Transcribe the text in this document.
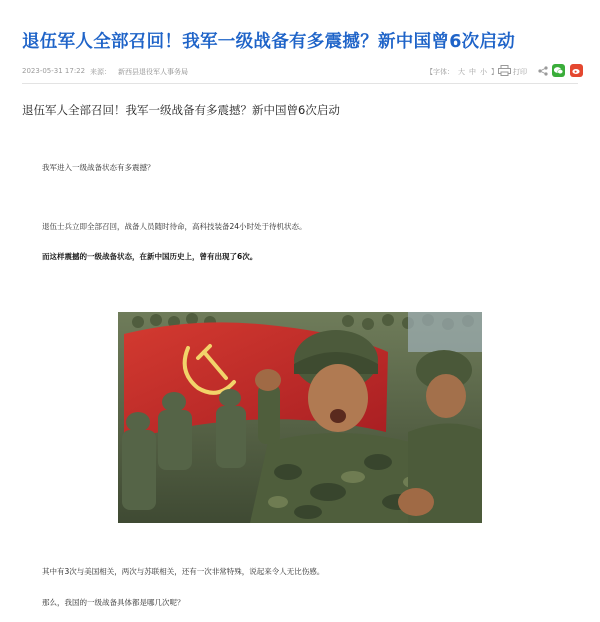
退伍军人全部召回！我军一级战备有多震撼？新中国曾6次启动
2023-05-31 17:22 来源： 新西县退役军人事务局	【字体： 大 中 小 】	打印
退伍军人全部召回！我军一级战备有多震撼？新中国曾6次启动
我军进入一级战备状态有多震撼？
退伍士兵立即全部召回，战备人员随时待命，高科技装备24小时处于待机状态。
而这样震撼的一级战备状态，在新中国历史上，曾有出现了6次。
其中有3次与美国相关，两次与苏联相关，还有一次非常特殊，说起来令人无比伤感。
那么，我国的一级战备具体都是哪几次呢？
